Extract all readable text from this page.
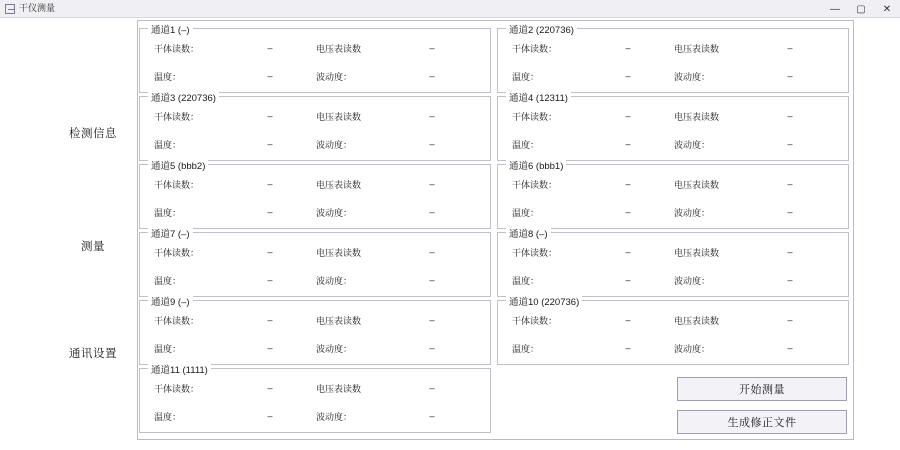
干仪测量	—	▢	✕
检测信息
测量
通讯设置
通道1 (–)
干体读数：	–	电压表读数	–
温度：	–	波动度：	–
通道2 (220736)
干体读数：	–	电压表读数	–
温度：	–	波动度：	–
通道3 (220736)
干体读数：	–	电压表读数	–
温度：	–	波动度：	–
通道4 (12311)
干体读数：	–	电压表读数	–
温度：	–	波动度：	–
通道5 (bbb2)
干体读数：	–	电压表读数	–
温度：	–	波动度：	–
通道6 (bbb1)
干体读数：	–	电压表读数	–
温度：	–	波动度：	–
通道7 (–)
干体读数：	–	电压表读数	–
温度：	–	波动度：	–
通道8 (–)
干体读数：	–	电压表读数	–
温度：	–	波动度：	–
通道9 (–)
干体读数：	–	电压表读数	–
温度：	–	波动度：	–
通道10 (220736)
干体读数：	–	电压表读数	–
温度：	–	波动度：	–
通道11 (1111)
干体读数：	–	电压表读数	–
温度：	–	波动度：	–
开始测量
生成修正文件
